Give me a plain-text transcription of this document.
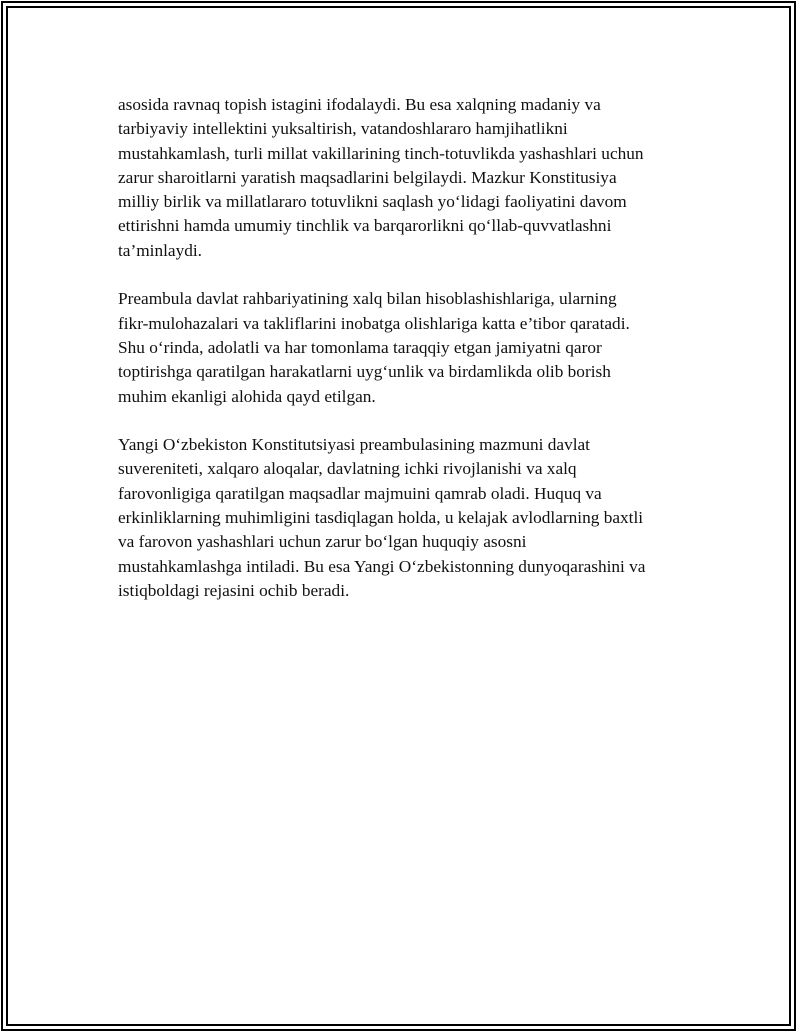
asosida ravnaq topish istagini ifodalaydi. Bu esa xalqning madaniy va
tarbiyaviy intellektini yuksaltirish, vatandoshlararo hamjihatlikni
mustahkamlash, turli millat vakillarining tinch-totuvlikda yashashlari uchun
zarur sharoitlarni yaratish maqsadlarini belgilaydi. Mazkur Konstitusiya
milliy birlik va millatlararo totuvlikni saqlash yo‘lidagi faoliyatini davom
ettirishni hamda umumiy tinchlik va barqarorlikni qo‘llab-quvvatlashni
ta’minlaydi.

Preambula davlat rahbariyatining xalq bilan hisoblashishlariga, ularning
fikr-mulohazalari va takliflarini inobatga olishlariga katta e’tibor qaratadi.
Shu o‘rinda, adolatli va har tomonlama taraqqiy etgan jamiyatni qaror
toptirishga qaratilgan harakatlarni uyg‘unlik va birdamlikda olib borish
muhim ekanligi alohida qayd etilgan.

Yangi O‘zbekiston Konstitutsiyasi preambulasining mazmuni davlat
suvereniteti, xalqaro aloqalar, davlatning ichki rivojlanishi va xalq
farovonligiga qaratilgan maqsadlar majmuini qamrab oladi. Huquq va
erkinliklarning muhimligini tasdiqlagan holda, u kelajak avlodlarning baxtli
va farovon yashashlari uchun zarur bo‘lgan huquqiy asosni
mustahkamlashga intiladi. Bu esa Yangi O‘zbekistonning dunyoqarashini va
istiqboldagi rejasini ochib beradi.
